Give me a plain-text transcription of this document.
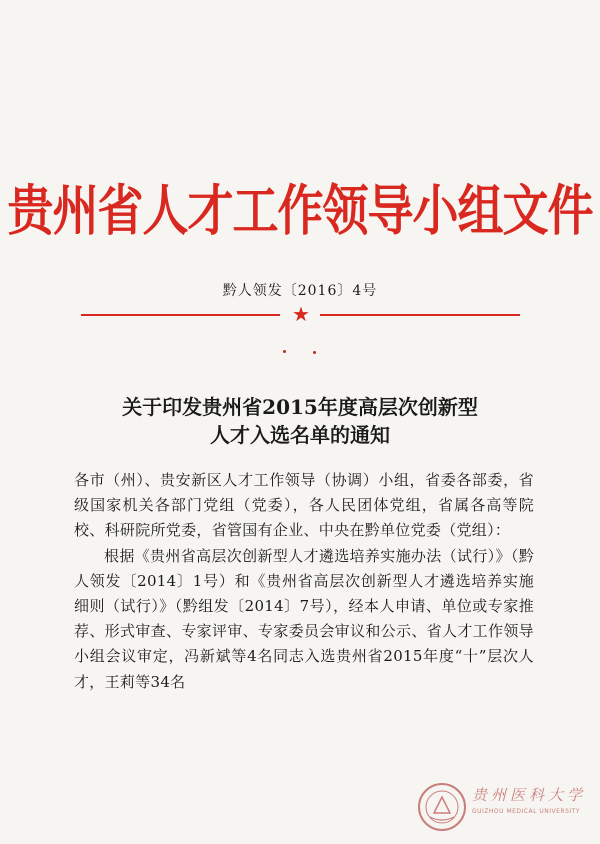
贵州省人才工作领导小组文件
黔人领发〔2016〕4号
★
关于印发贵州省2015年度高层次创新型
人才入选名单的通知

各市（州）、贵安新区人才工作领导（协调）小组，省委各部委，省级国家机关各部门党组（党委），各人民团体党组，省属各高等院校、科研院所党委，省管国有企业、中央在黔单位党委（党组）：

根据《贵州省高层次创新型人才遴选培养实施办法（试行）》（黔人领发〔2014〕1号）和《贵州省高层次创新型人才遴选培养实施细则（试行）》（黔组发〔2014〕7号），经本人申请、单位或专家推荐、形式审查、专家评审、专家委员会审议和公示、省人才工作领导小组会议审定，冯新斌等4名同志入选贵州省2015年度“十”层次人才，王莉等34名

贵州医科大学
GUIZHOU MEDICAL UNIVERSITY
